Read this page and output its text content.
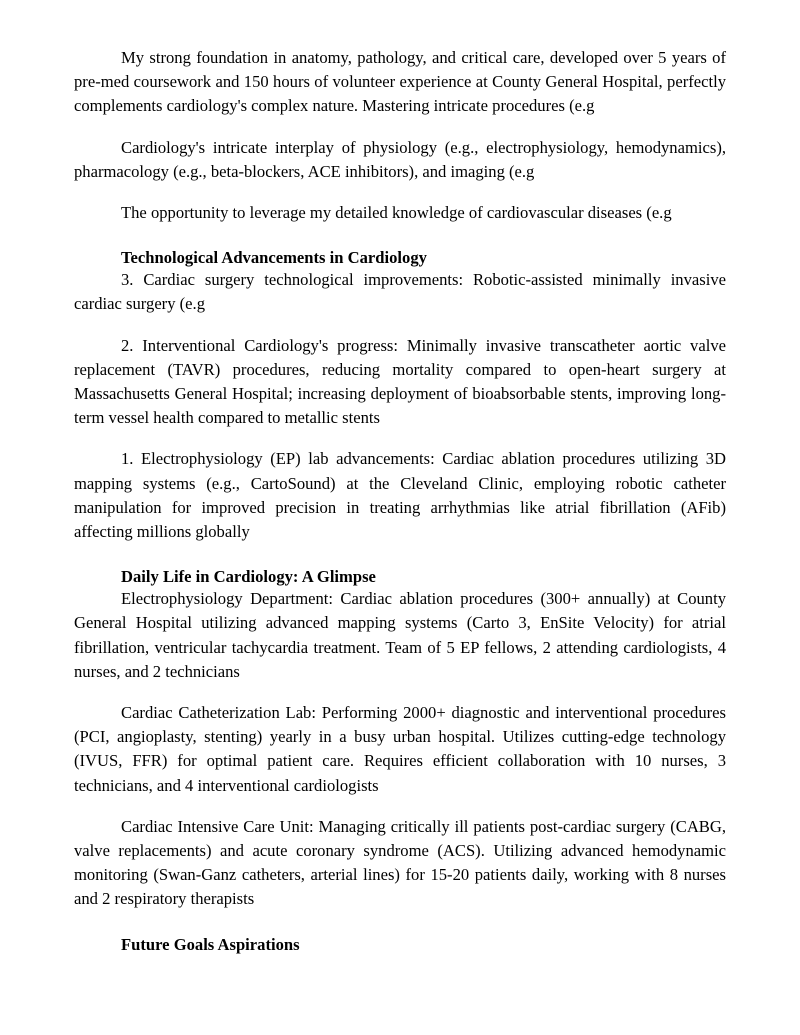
My strong foundation in anatomy, pathology, and critical care, developed over 5 years of pre-med coursework and 150 hours of volunteer experience at County General Hospital, perfectly complements cardiology's complex nature. Mastering intricate procedures (e.g

Cardiology's intricate interplay of physiology (e.g., electrophysiology, hemodynamics), pharmacology (e.g., beta-blockers, ACE inhibitors), and imaging (e.g

The opportunity to leverage my detailed knowledge of cardiovascular diseases (e.g

Technological Advancements in Cardiology

3. Cardiac surgery technological improvements: Robotic-assisted minimally invasive cardiac surgery (e.g

2. Interventional Cardiology's progress: Minimally invasive transcatheter aortic valve replacement (TAVR) procedures, reducing mortality compared to open-heart surgery at Massachusetts General Hospital; increasing deployment of bioabsorbable stents, improving long-term vessel health compared to metallic stents

1. Electrophysiology (EP) lab advancements: Cardiac ablation procedures utilizing 3D mapping systems (e.g., CartoSound) at the Cleveland Clinic, employing robotic catheter manipulation for improved precision in treating arrhythmias like atrial fibrillation (AFib) affecting millions globally

Daily Life in Cardiology: A Glimpse

Electrophysiology Department: Cardiac ablation procedures (300+ annually) at County General Hospital utilizing advanced mapping systems (Carto 3, EnSite Velocity) for atrial fibrillation, ventricular tachycardia treatment. Team of 5 EP fellows, 2 attending cardiologists, 4 nurses, and 2 technicians

Cardiac Catheterization Lab: Performing 2000+ diagnostic and interventional procedures (PCI, angioplasty, stenting) yearly in a busy urban hospital. Utilizes cutting-edge technology (IVUS, FFR) for optimal patient care. Requires efficient collaboration with 10 nurses, 3 technicians, and 4 interventional cardiologists

Cardiac Intensive Care Unit: Managing critically ill patients post-cardiac surgery (CABG, valve replacements) and acute coronary syndrome (ACS). Utilizing advanced hemodynamic monitoring (Swan-Ganz catheters, arterial lines) for 15-20 patients daily, working with 8 nurses and 2 respiratory therapists

Future Goals Aspirations
